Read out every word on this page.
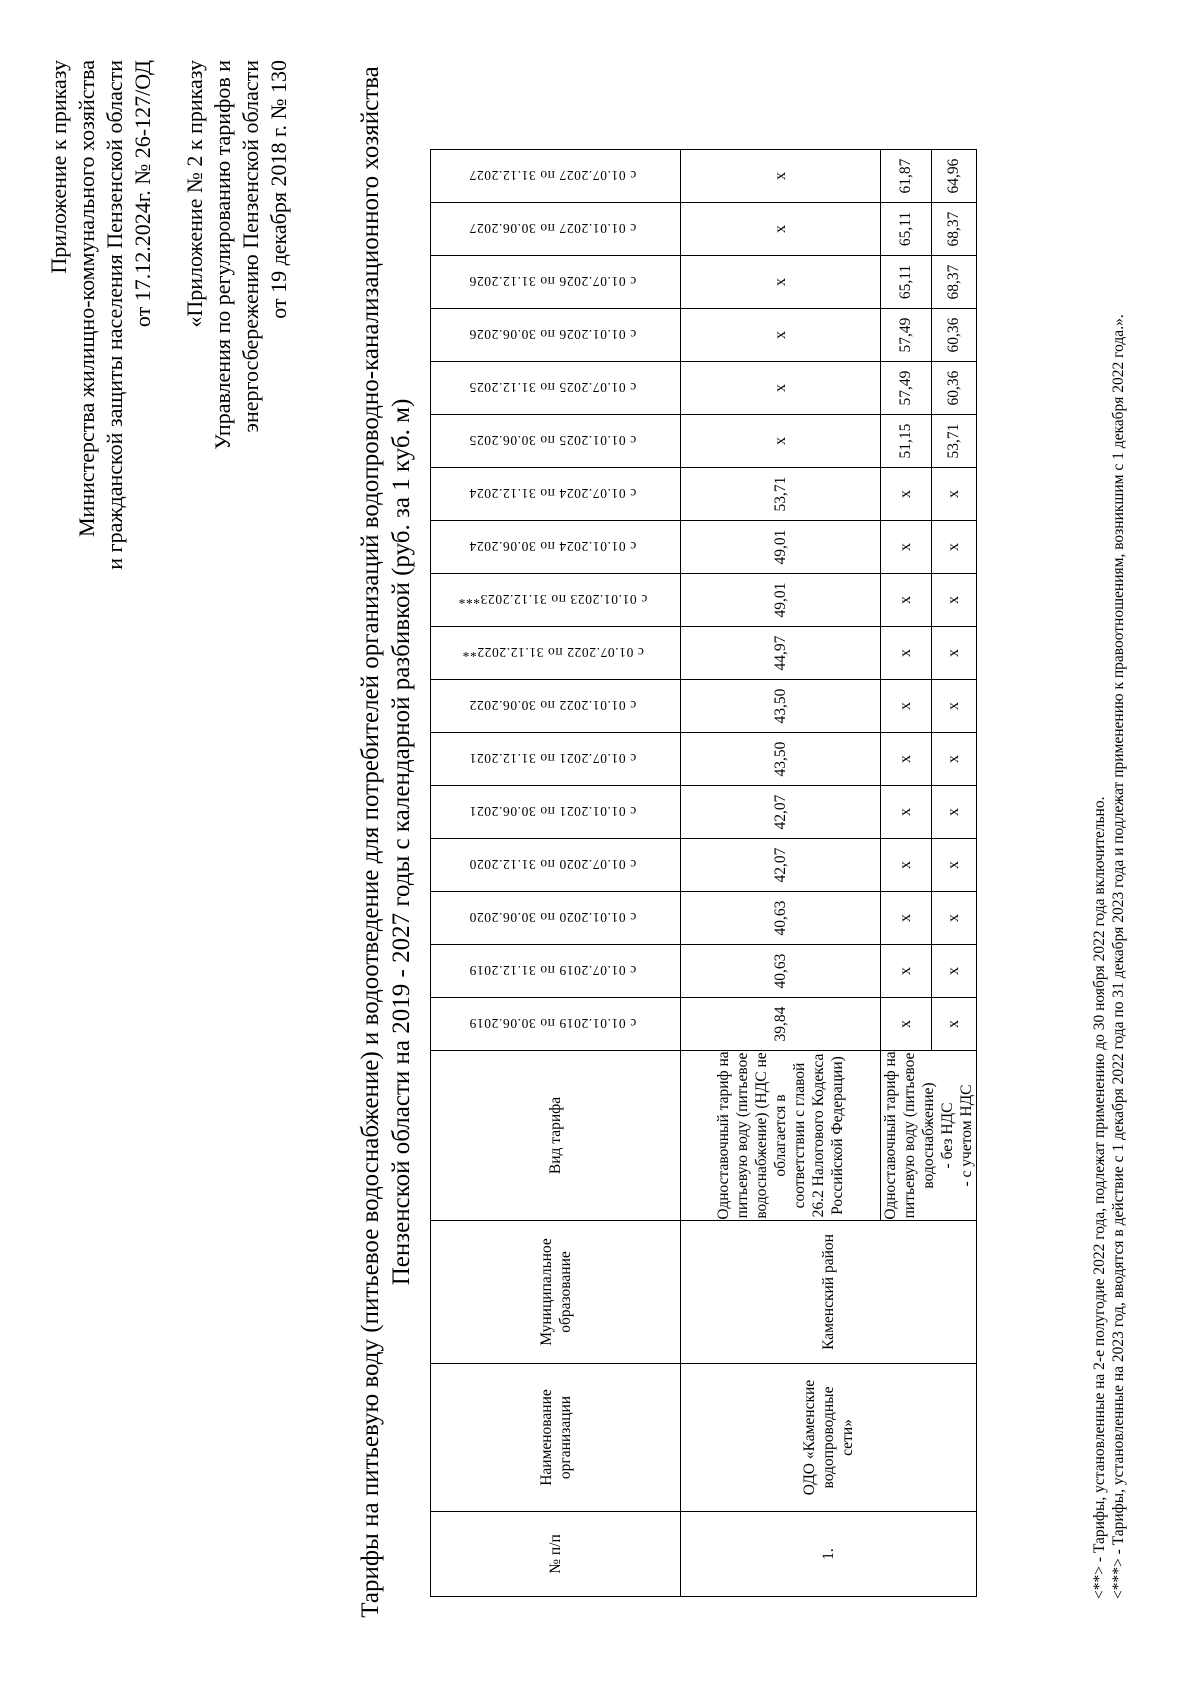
Приложение к приказу Министерства жилищно-коммунального хозяйства и гражданской защиты населения Пензенской области от 17.12.2024г. № 26-127/ОД «Приложение № 2 к приказу Управления по регулированию тарифов и энергосбережению Пензенской области от 19 декабря 2018 г. № 130	Тарифы на питьевую воду (питьевое водоснабжение) и водоотведение для потребителей организаций водопроводно-канализационного хозяйства Пензенской области на 2019 - 2027 годы с календарной разбивкой (руб. за 1 куб. м)
№ п/п	Наименование организации	Муниципальное образование	Вид тарифа	с 01.01.2019 по 30.06.2019	с 01.07.2019 по 31.12.2019	с 01.01.2020 по 30.06.2020	с 01.07.2020 по 31.12.2020	с 01.01.2021 по 30.06.2021	с 01.07.2021 по 31.12.2021	с 01.01.2022 по 30.06.2022	с 01.07.2022 по 31.12.2022**	с 01.01.2023 по 31.12.2023***	с 01.01.2024 по 30.06.2024	с 01.07.2024 по 31.12.2024	с 01.01.2025 по 30.06.2025	с 01.07.2025 по 31.12.2025	с 01.01.2026 по 30.06.2026	с 01.07.2026 по 31.12.2026	с 01.01.2027 по 30.06.2027	с 01.07.2027 по 31.12.2027
1.	ОДО «Каменские водопроводные сети»	Каменский район	Одноставочный тариф на питьевую воду (питьевое водоснабжение) (НДС не облагается в соответствии с главой 26.2 Налогового Кодекса Российской Федерации)	39,84	40,63	40,63	42,07	42,07	43,50	43,50	44,97	49,01	49,01	53,71	x	x	x	x	x	x
			Одноставочный тариф на питьевую воду (питьевое водоснабжение) - без НДС - с учетом НДС	x	x	x	x	x	x	x	x	x	x	x	51,15	57,49	57,49	65,11	65,11	61,87
				x	x	x	x	x	x	x	x	x	x	x	53,71	60,36	60,36	68,37	68,37	64,96
<**> - Тарифы, установленные на 2-е полугодие 2022 года, подлежат применению до 30 ноября 2022 года включительно. <***> - Тарифы, установленные на 2023 год, вводятся в действие с 1 декабря 2022 года по 31 декабря 2023 года и подлежат применению к правоотношениям, возникшим с 1 декабря 2022 года.».
